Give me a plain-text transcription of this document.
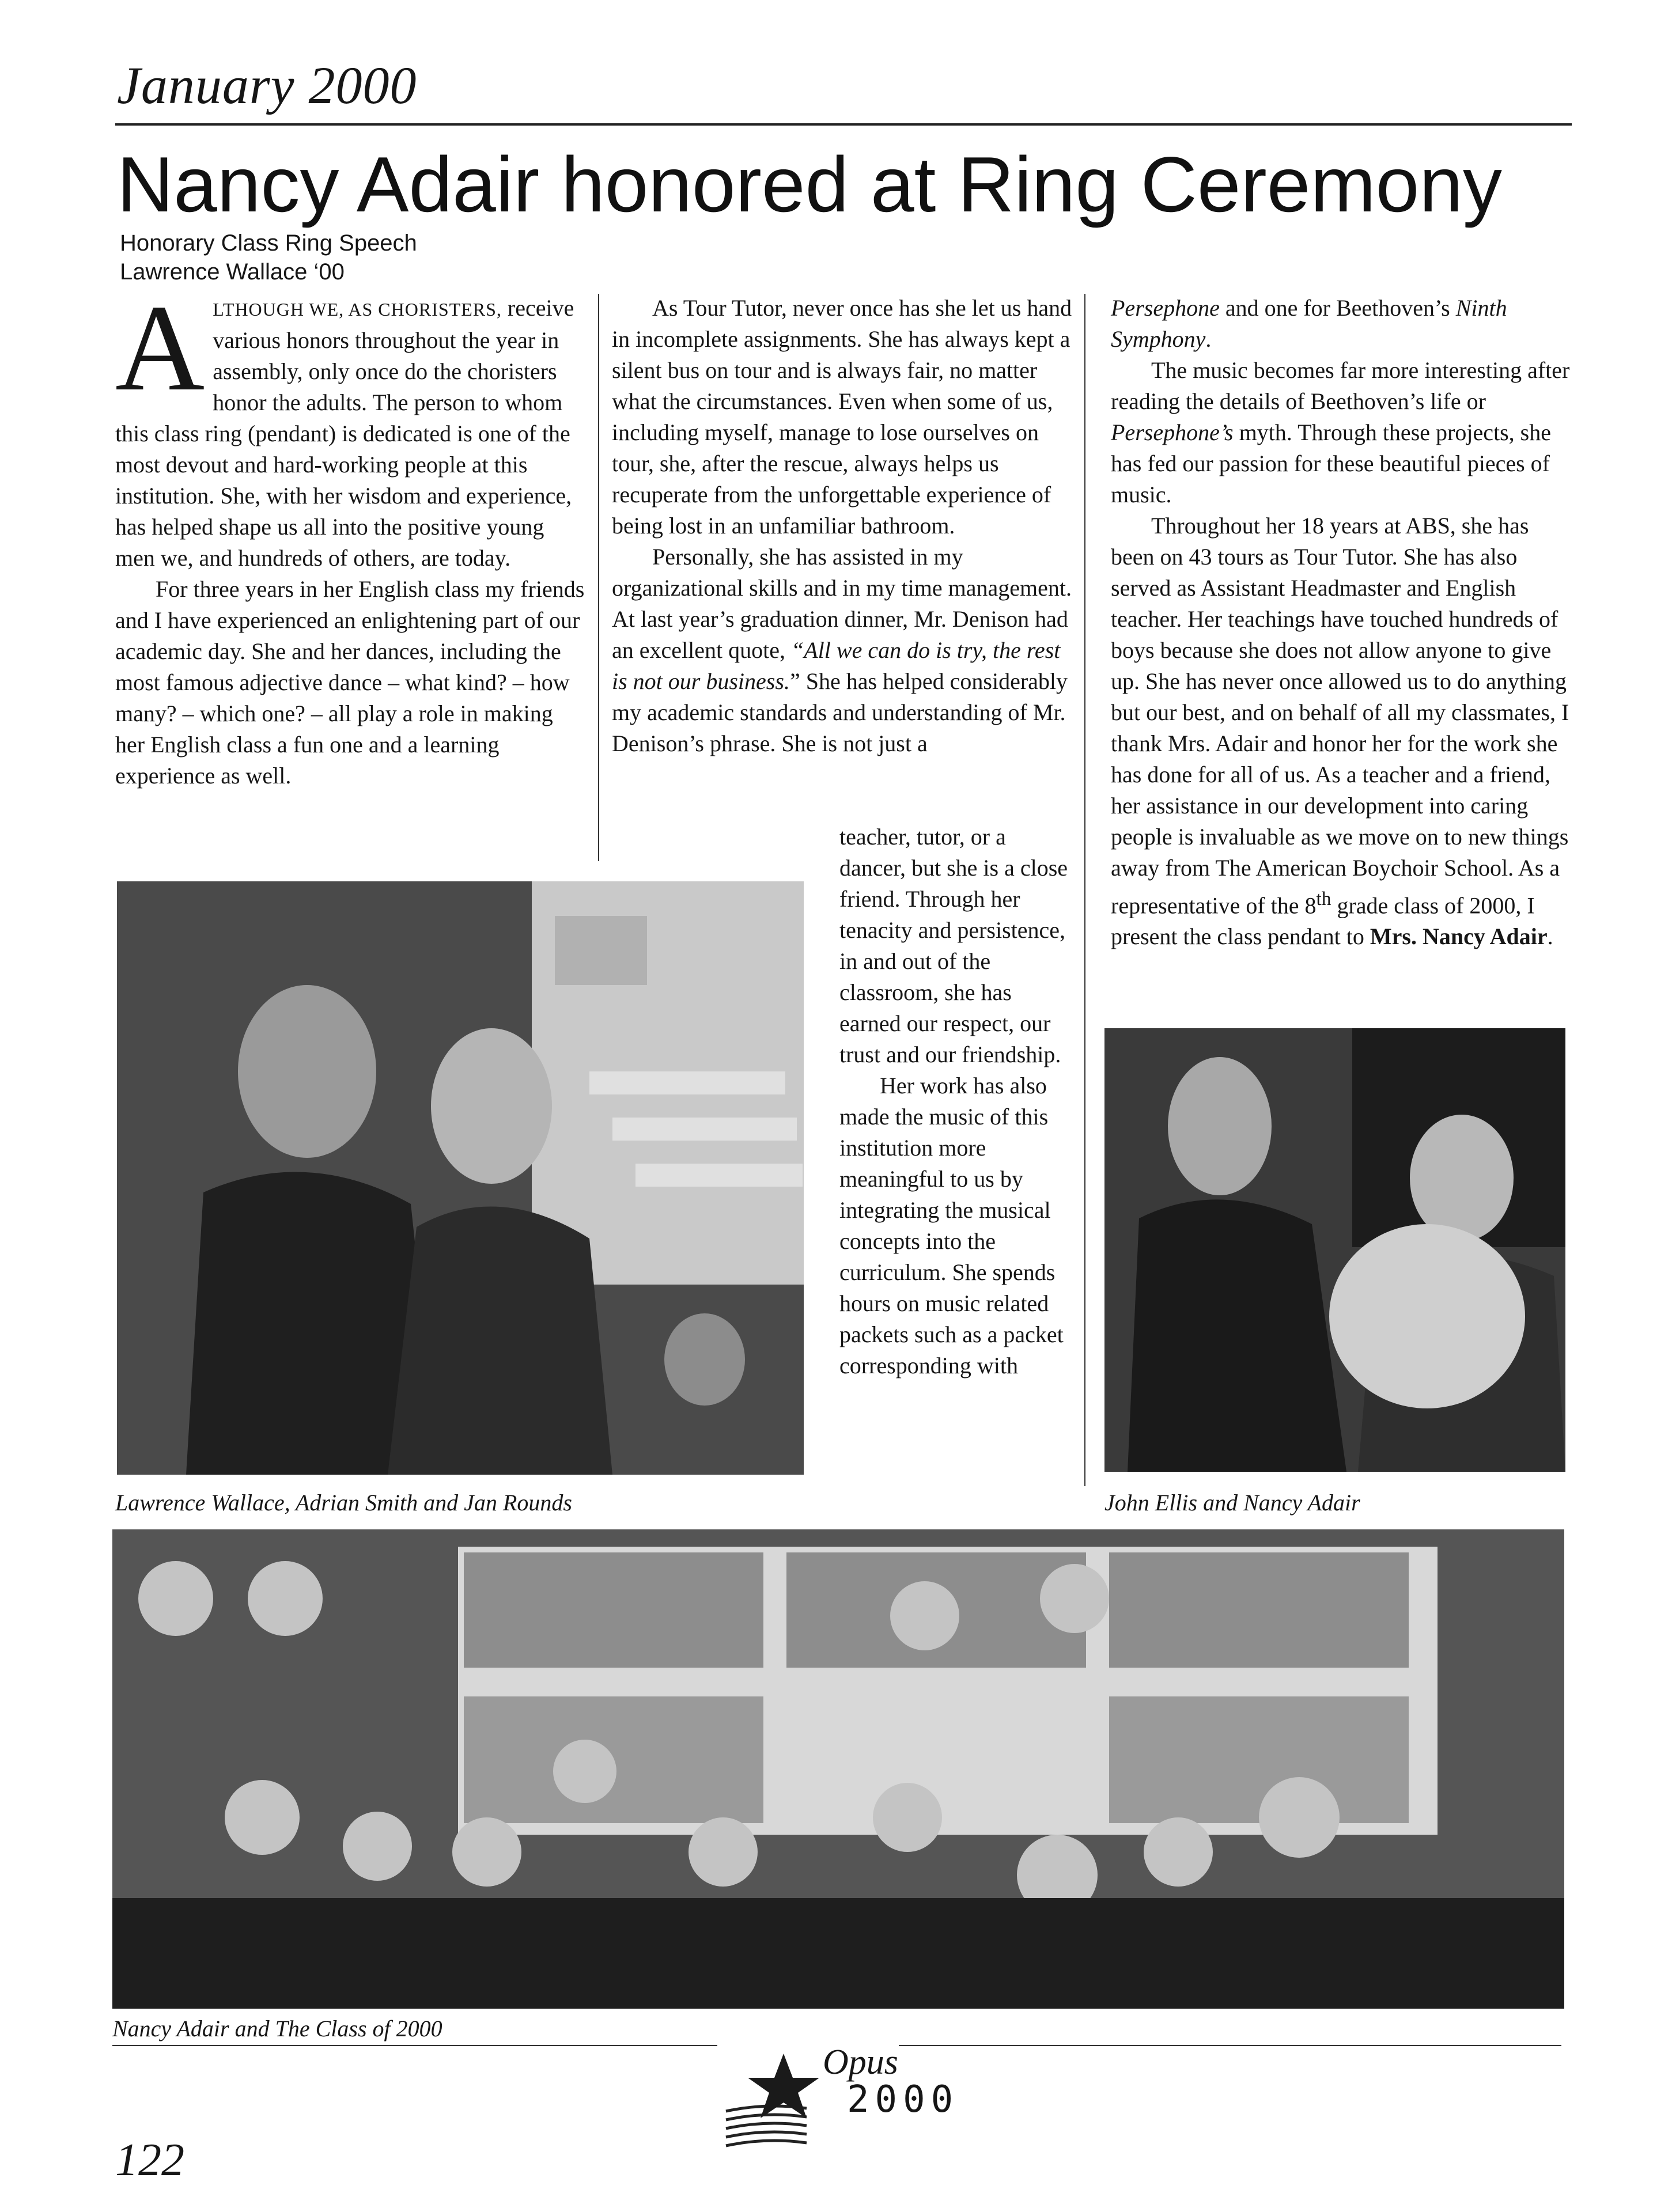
January 2000
Nancy Adair honored at Ring Ceremony
Honorary Class Ring Speech
Lawrence Wallace ‘00

ALTHOUGH WE, AS CHORISTERS, receive various honors throughout the year in assembly, only once do the choristers honor the adults. The person to whom this class ring (pendant) is dedicated is one of the most devout and hard-working people at this institution. She, with her wisdom and experience, has helped shape us all into the positive young men we, and hundreds of others, are today.

For three years in her English class my friends and I have experienced an enlightening part of our academic day. She and her dances, including the most famous adjective dance – what kind? – how many? – which one? – all play a role in making her English class a fun one and a learning experience as well.

As Tour Tutor, never once has she let us hand in incomplete assignments. She has always kept a silent bus on tour and is always fair, no matter what the circumstances. Even when some of us, including myself, manage to lose ourselves on tour, she, after the rescue, always helps us recuperate from the unforgettable experience of being lost in an unfamiliar bathroom.

Personally, she has assisted in my organizational skills and in my time management. At last year’s graduation dinner, Mr. Denison had an excellent quote, “All we can do is try, the rest is not our business.” She has helped considerably my academic standards and understanding of Mr. Denison’s phrase. She is not just a

teacher, tutor, or a dancer, but she is a close friend. Through her tenacity and persistence, in and out of the classroom, she has earned our respect, our trust and our friendship.

Her work has also made the music of this institution more meaningful to us by integrating the musical concepts into the curriculum. She spends hours on music related packets such as a packet corresponding with

Persephone and one for Beethoven’s Ninth Symphony.

The music becomes far more interesting after reading the details of Beethoven’s life or Persephone’s myth. Through these projects, she has fed our passion for these beautiful pieces of music.

Throughout her 18 years at ABS, she has been on 43 tours as Tour Tutor. She has also served as Assistant Headmaster and English teacher. Her teachings have touched hundreds of boys because she does not allow anyone to give up. She has never once allowed us to do anything but our best, and on behalf of all my classmates, I thank Mrs. Adair and honor her for the work she has done for all of us. As a teacher and a friend, her assistance in our development into caring people is invaluable as we move on to new things away from The American Boychoir School. As a representative of the 8th grade class of 2000, I present the class pendant to Mrs. Nancy Adair.

Lawrence Wallace, Adrian Smith and Jan Rounds	John Ellis and Nancy Adair
Nancy Adair and The Class of 2000
Opus
2000
122
